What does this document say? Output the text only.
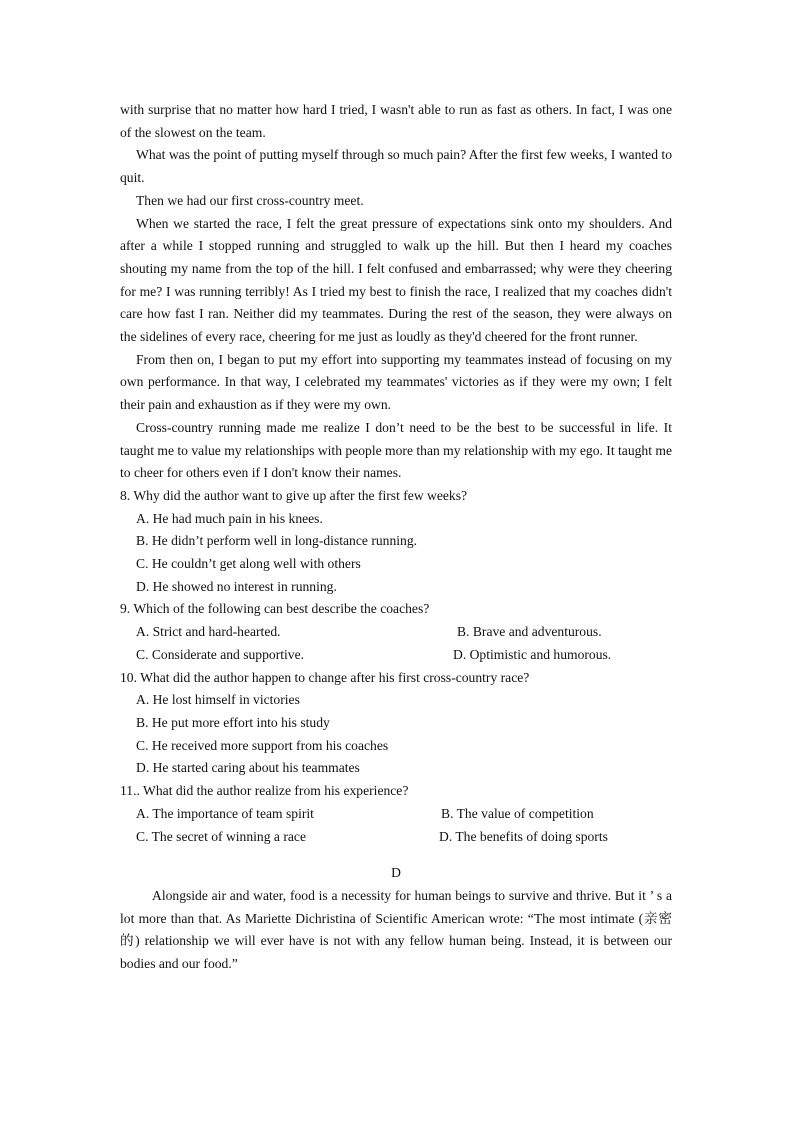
with surprise that no matter how hard I tried, I wasn't able to run as fast as others. In fact, I was one of the slowest on the team.

What was the point of putting myself through so much pain? After the first few weeks, I wanted to quit.

Then we had our first cross-country meet.

When we started the race, I felt the great pressure of expectations sink onto my shoulders. And after a while I stopped running and struggled to walk up the hill. But then I heard my coaches shouting my name from the top of the hill. I felt confused and embarrassed; why were they cheering for me? I was running terribly! As I tried my best to finish the race, I realized that my coaches didn't care how fast I ran. Neither did my teammates. During the rest of the season, they were always on the sidelines of every race, cheering for me just as loudly as they'd cheered for the front runner.

From then on, I began to put my effort into supporting my teammates instead of focusing on my own performance. In that way, I celebrated my teammates' victories as if they were my own; I felt their pain and exhaustion as if they were my own.

Cross-country running made me realize I don’t need to be the best to be successful in life. It taught me to value my relationships with people more than my relationship with my ego. It taught me to cheer for others even if I don't know their names.

8. Why did the author want to give up after the first few weeks?

A. He had much pain in his knees.

B. He didn’t perform well in long-distance running.

C. He couldn’t get along well with others

D. He showed no interest in running.

9. Which of the following can best describe the coaches?

A. Strict and hard-hearted.	B. Brave and adventurous.
C. Considerate and supportive.	D. Optimistic and humorous.

10. What did the author happen to change after his first cross-country race?

A. He lost himself in victories

B. He put more effort into his study

C. He received more support from his coaches

D. He started caring about his teammates

11.. What did the author realize from his experience?

A. The importance of team spirit	B. The value of competition
C. The secret of winning a race	D. The benefits of doing sports

D

Alongside air and water, food is a necessity for human beings to survive and thrive. But it ’ s a lot more than that. As Mariette Dichristina of Scientific American wrote: “The most intimate (亲密的) relationship we will ever have is not with any fellow human being. Instead, it is between our bodies and our food.”
